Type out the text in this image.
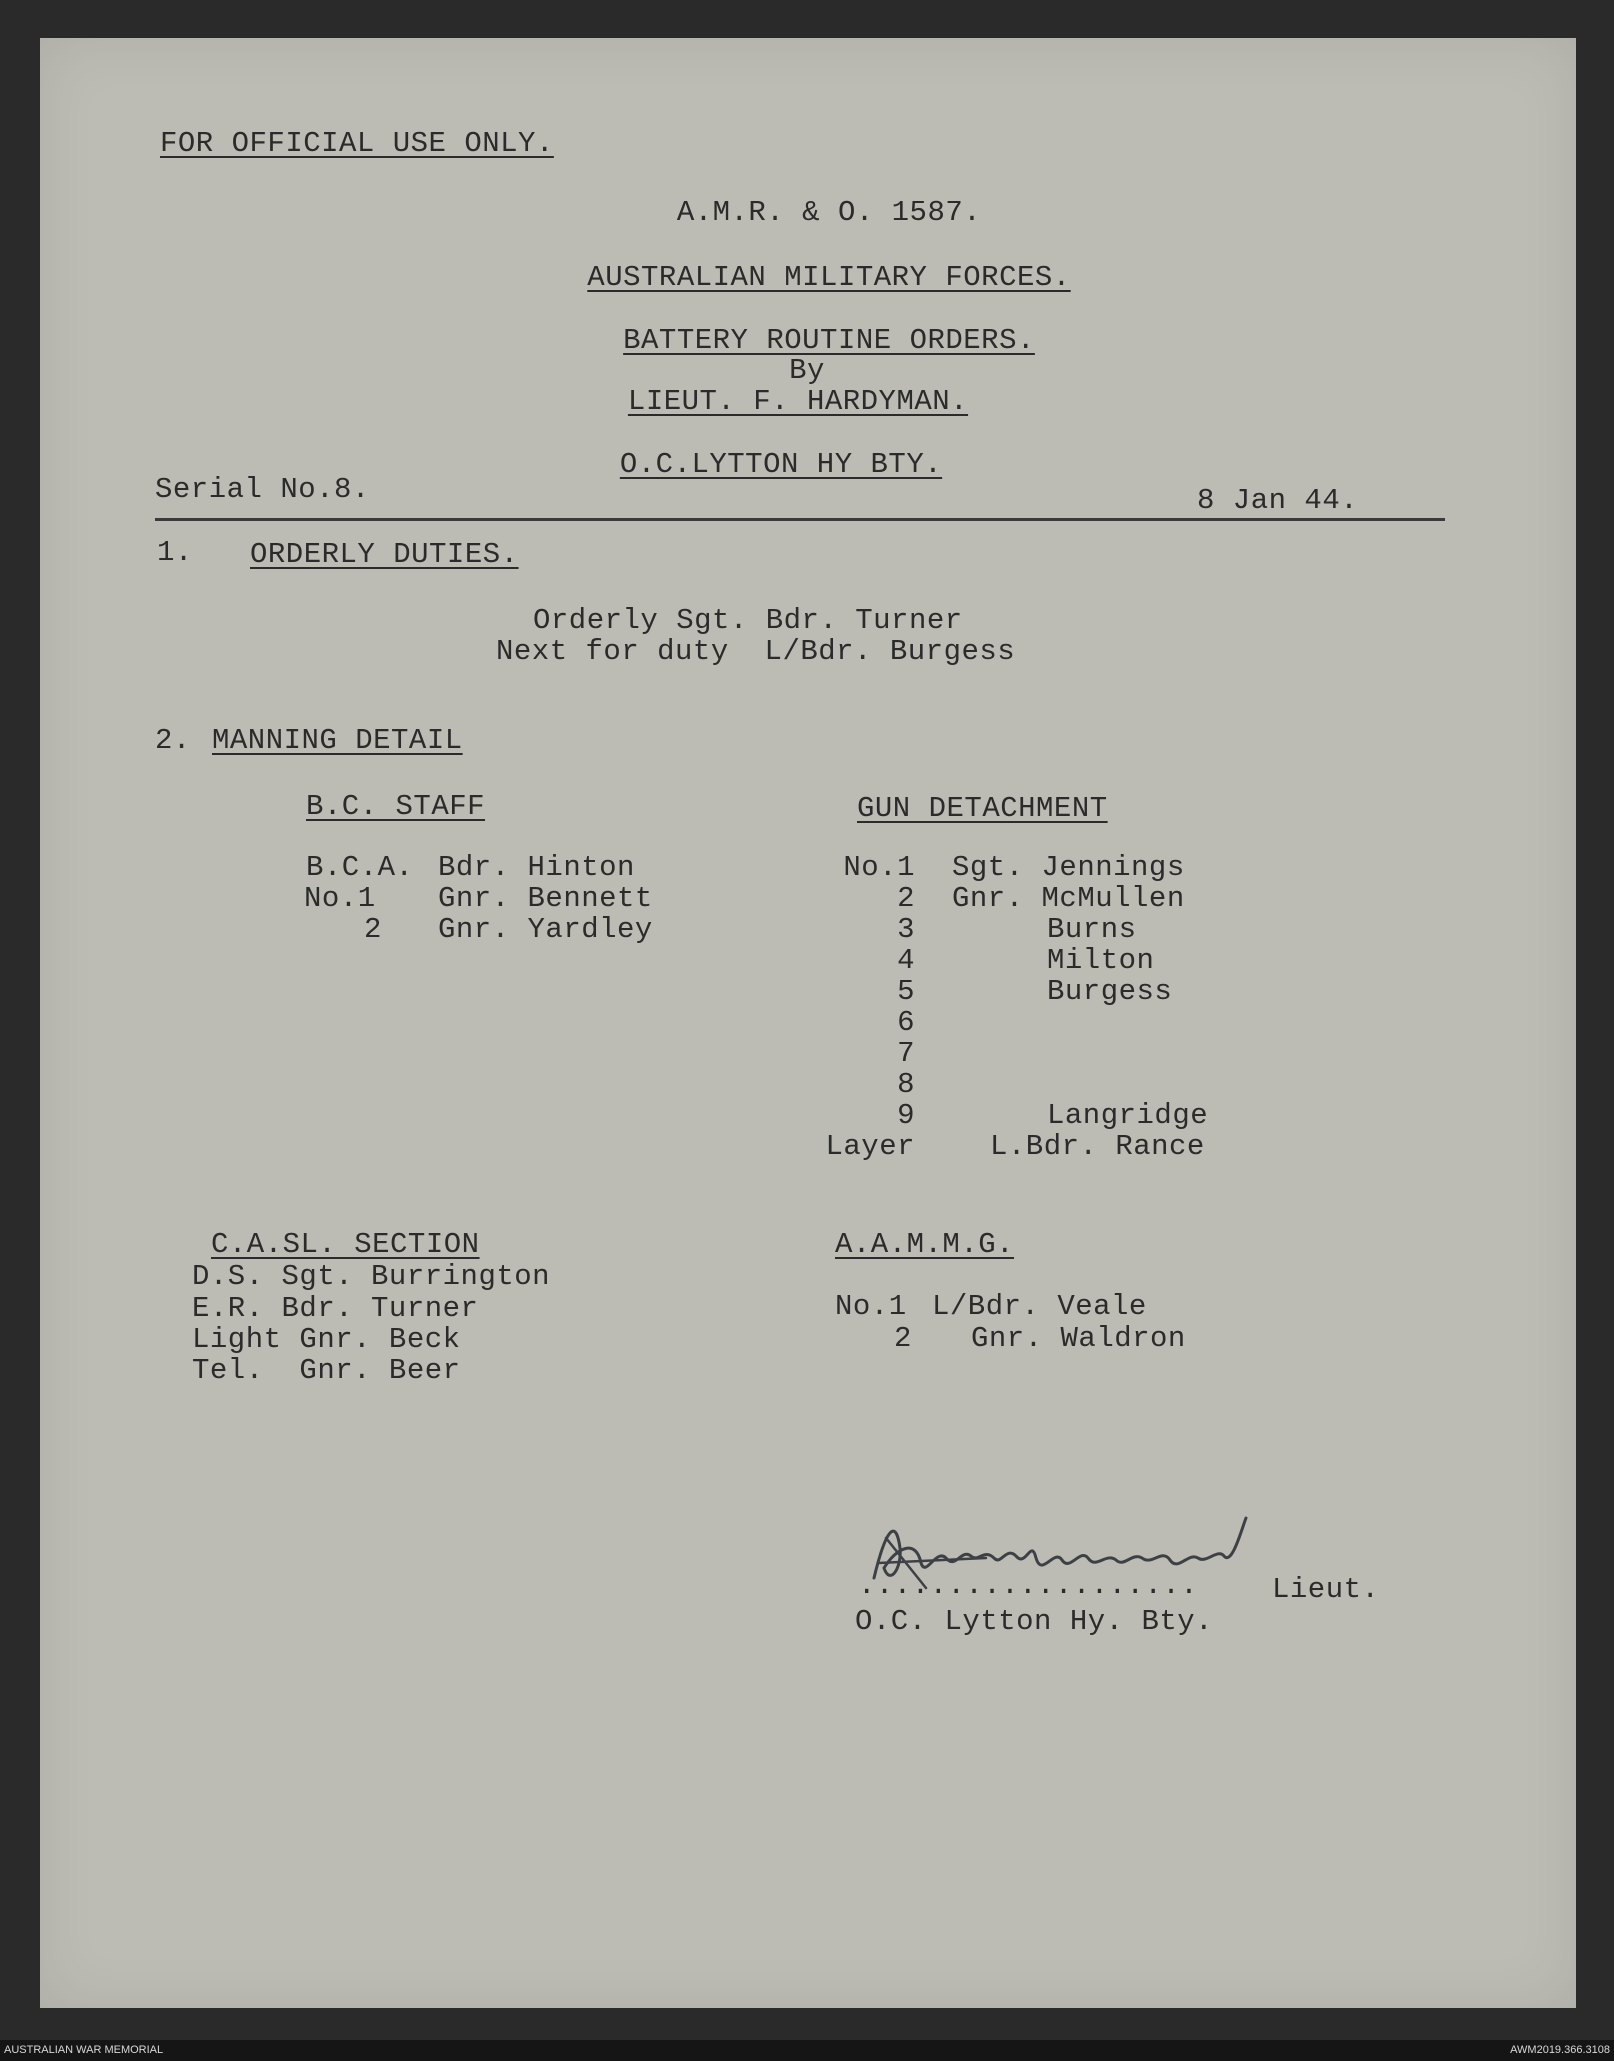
FOR OFFICIAL USE ONLY.
A.M.R. & O. 1587.
AUSTRALIAN MILITARY FORCES.
BATTERY ROUTINE ORDERS.
By
LIEUT. F. HARDYMAN.
O.C.LYTTON HY BTY.
Serial No.8.	8 Jan 44.
1. ORDERLY DUTIES.
Orderly Sgt. Bdr. Turner
Next for duty  L/Bdr. Burgess
2. MANNING DETAIL
B.C. STAFF
B.C.A. Bdr. Hinton
No.1 Gnr. Bennett
2 Gnr. Yardley
GUN DETACHMENT
No.1 Sgt. Jennings
2 Gnr. McMullen
3	Burns
4	Milton
5	Burgess
6
7
8
9	Langridge
Layer	L.Bdr. Rance
C.A.SL. SECTION
D.S. Sgt. Burrington
E.R. Bdr. Turner
Light Gnr. Beck
Tel.  Gnr. Beer
A.A.M.M.G.
No.1 L/Bdr. Veale
2 Gnr. Waldron
...................	Lieut.
O.C. Lytton Hy. Bty.
AUSTRALIAN WAR MEMORIAL	AWM2019.366.3108
